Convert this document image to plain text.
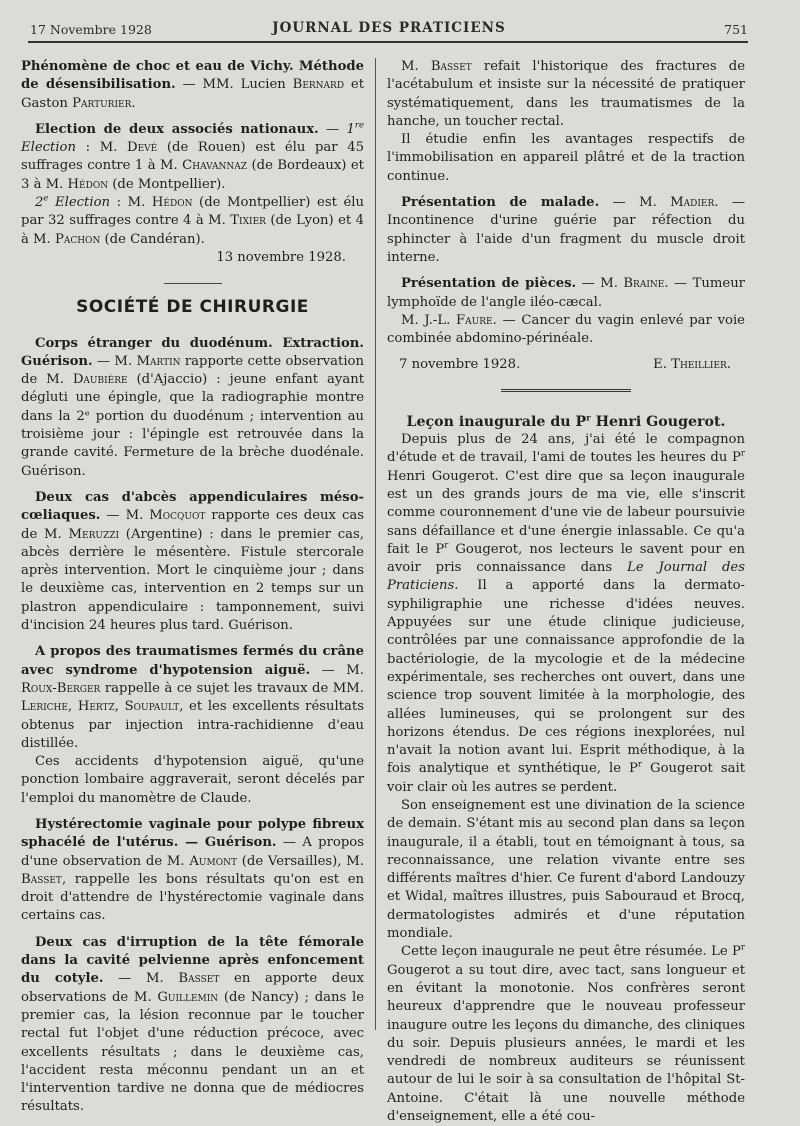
17 Novembre 1928	JOURNAL DES PRATICIENS	751

Phénomène de choc et eau de Vichy. Méthode de désensibilisation. — MM. Lucien Bernard et Gaston Parturier.

Election de deux associés nationaux. — 1re Election : M. Devé (de Rouen) est élu par 45 suffrages contre 1 à M. Chavannaz (de Bordeaux) et 3 à M. Hédon (de Montpellier).

2e Election : M. Hédon (de Montpellier) est élu par 32 suffrages contre 4 à M. Tixier (de Lyon) et 4 à M. Pachon (de Candéran).

13 novembre 1928.

SOCIÉTÉ DE CHIRURGIE

Corps étranger du duodénum. Extraction. Guérison. — M. Martin rapporte cette observation de M. Daubière (d'Ajaccio) : jeune enfant ayant dégluti une épingle, que la radiographie montre dans la 2ᵉ portion du duodénum ; intervention au troisième jour : l'épingle est retrouvée dans la grande cavité. Fermeture de la brèche duodénale. Guérison.

Deux cas d'abcès appendiculaires méso-cœliaques. — M. Mocquot rapporte ces deux cas de M. Meruzzi (Argentine) : dans le premier cas, abcès derrière le mésentère. Fistule stercorale après intervention. Mort le cinquième jour ; dans le deuxième cas, intervention en 2 temps sur un plastron appendiculaire : tamponnement, suivi d'incision 24 heures plus tard. Guérison.

A propos des traumatismes fermés du crâne avec syndrome d'hypotension aiguë. — M. Roux-Berger rappelle à ce sujet les travaux de MM. Leriche, Hertz, Soupault, et les excellents résultats obtenus par injection intra-rachidienne d'eau distillée.

Ces accidents d'hypotension aiguë, qu'une ponction lombaire aggraverait, seront décelés par l'emploi du manomètre de Claude.

Hystérectomie vaginale pour polype fibreux sphacélé de l'utérus. — Guérison. — A propos d'une observation de M. Aumont (de Versailles), M. Basset, rappelle les bons résultats qu'on est en droit d'attendre de l'hystérectomie vaginale dans certains cas.

Deux cas d'irruption de la tête fémorale dans la cavité pelvienne après enfoncement du cotyle. — M. Basset en apporte deux observations de M. Guillemin (de Nancy) ; dans le premier cas, la lésion reconnue par le toucher rectal fut l'objet d'une réduction précoce, avec excellents résultats ; dans le deuxième cas, l'accident resta méconnu pendant un an et l'intervention tardive ne donna que de médiocres résultats.

M. Basset refait l'historique des fractures de l'acétabulum et insiste sur la nécessité de pratiquer systématiquement, dans les traumatismes de la hanche, un toucher rectal.

Il étudie enfin les avantages respectifs de l'immobilisation en appareil plâtré et de la traction continue.

Présentation de malade. — M. Madier. — Incontinence d'urine guérie par réfection du sphincter à l'aide d'un fragment du muscle droit interne.

Présentation de pièces. — M. Braine. — Tumeur lymphoïde de l'angle iléo-cæcal.

M. J.-L. Faure. — Cancer du vagin enlevé par voie combinée abdomino-périnéale.

7 novembre 1928.	E. Theillier.

Leçon inaugurale du $P^r$ Henri Gougerot.

Depuis plus de 24 ans, j'ai été le compagnon d'étude et de travail, l'ami de toutes les heures du $P^r$ Henri Gougerot. C'est dire que sa leçon inaugurale est un des grands jours de ma vie, elle s'inscrit comme couronnement d'une vie de labeur poursuivie sans défaillance et d'une énergie inlassable. Ce qu'a fait le $P^r$ Gougerot, nos lecteurs le savent pour en avoir pris connaissance dans Le Journal des Praticiens. Il a apporté dans la dermato-syphiligraphie une richesse d'idées neuves. Appuyées sur une étude clinique judicieuse, contrôlées par une connaissance approfondie de la bactériologie, de la mycologie et de la médecine expérimentale, ses recherches ont ouvert, dans une science trop souvent limitée à la morphologie, des allées lumineuses, qui se prolongent sur des horizons étendus. De ces régions inexplorées, nul n'avait la notion avant lui. Esprit méthodique, à la fois analytique et synthétique, le $P^r$ Gougerot sait voir clair où les autres se perdent.

Son enseignement est une divination de la science de demain. S'étant mis au second plan dans sa leçon inaugurale, il a établi, tout en témoignant à tous, sa reconnaissance, une relation vivante entre ses différents maîtres d'hier. Ce furent d'abord Landouzy et Widal, maîtres illustres, puis Sabouraud et Brocq, dermatologistes admirés et d'une réputation mondiale.

Cette leçon inaugurale ne peut être résumée. Le $P^r$ Gougerot a su tout dire, avec tact, sans longueur et en évitant la monotonie. Nos confrères seront heureux d'apprendre que le nouveau professeur inaugure outre les leçons du dimanche, des cliniques du soir. Depuis plusieurs années, le mardi et les vendredi de nombreux auditeurs se réunissent autour de lui le soir à sa consultation de l'hôpital St-Antoine. C'était là une nouvelle méthode d'enseignement, elle a été cou-
